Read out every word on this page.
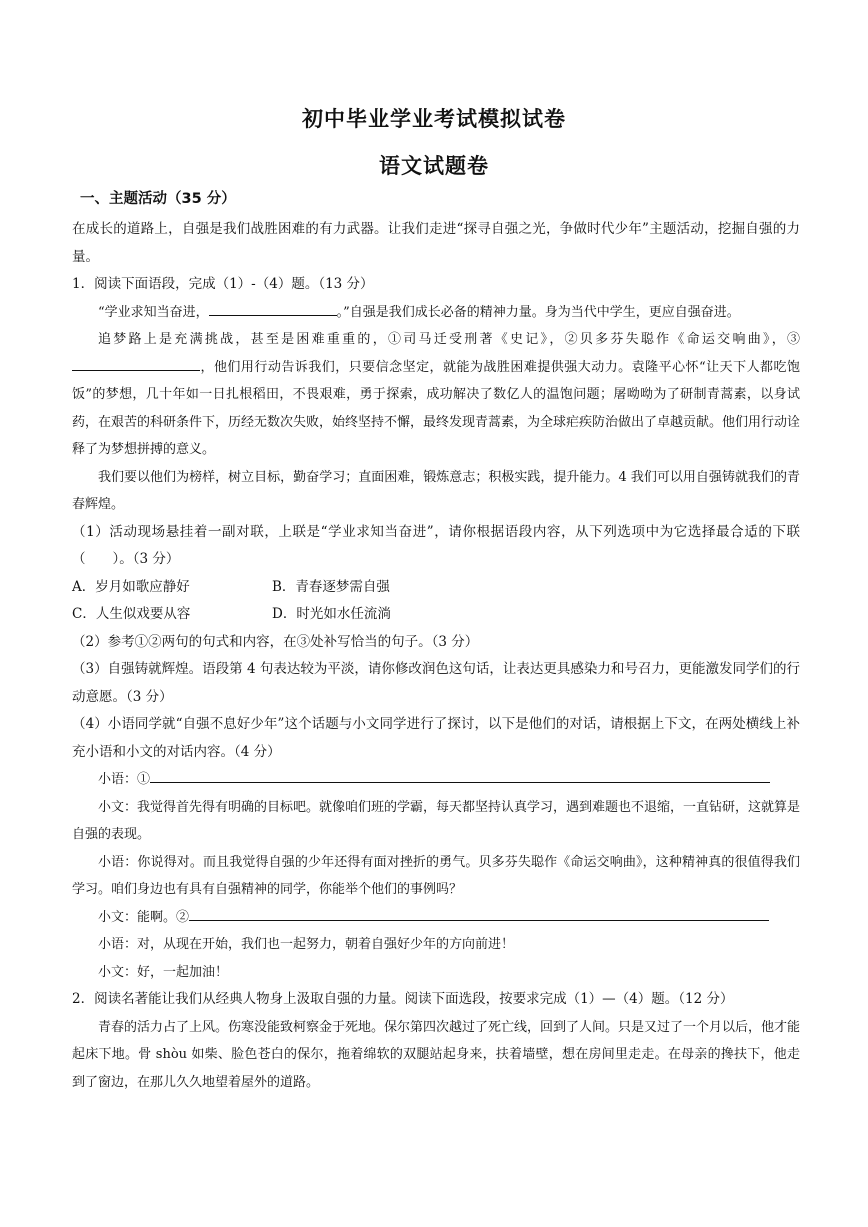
初中毕业学业考试模拟试卷
语文试题卷
一、主题活动（35 分）

在成长的道路上，自强是我们战胜困难的有力武器。让我们走进“探寻自强之光，争做时代少年”主题活动，挖掘自强的力量。

1．阅读下面语段，完成（1）-（4）题。（13 分）

“学业求知当奋进，	。”自强是我们成长必备的精神力量。身为当代中学生，更应自强奋进。

追梦路上是充满挑战，甚至是困难重重的，①司马迁受刑著《史记》，②贝多芬失聪作《命运交响曲》，③，他们用行动告诉我们，只要信念坚定，就能为战胜困难提供强大动力。袁隆平心怀“让天下人都吃饱饭”的梦想，几十年如一日扎根稻田，不畏艰难，勇于探索，成功解决了数亿人的温饱问题；屠呦呦为了研制青蒿素，以身试药，在艰苦的科研条件下，历经无数次失败，始终坚持不懈，最终发现青蒿素，为全球疟疾防治做出了卓越贡献。他们用行动诠释了为梦想拼搏的意义。

我们要以他们为榜样，树立目标，勤奋学习；直面困难，锻炼意志；积极实践，提升能力。4 我们可以用自强铸就我们的青春辉煌。

（1）活动现场悬挂着一副对联，上联是“学业求知当奋进”，请你根据语段内容，从下列选项中为它选择最合适的下联（　　）。（3 分）

A．岁月如歌应静好	B．青春逐梦需自强
C．人生似戏要从容	D．时光如水任流淌

（2）参考①②两句的句式和内容，在③处补写恰当的句子。（3 分）

（3）自强铸就辉煌。语段第 4 句表达较为平淡，请你修改润色这句话，让表达更具感染力和号召力，更能激发同学们的行动意愿。（3 分）

（4）小语同学就“自强不息好少年”这个话题与小文同学进行了探讨，以下是他们的对话，请根据上下文，在两处横线上补充小语和小文的对话内容。（4 分）

小语：①

小文：我觉得首先得有明确的目标吧。就像咱们班的学霸，每天都坚持认真学习，遇到难题也不退缩，一直钻研，这就算是自强的表现。

小语：你说得对。而且我觉得自强的少年还得有面对挫折的勇气。贝多芬失聪作《命运交响曲》，这种精神真的很值得我们学习。咱们身边也有具有自强精神的同学，你能举个他们的事例吗？

小文：能啊。②

小语：对，从现在开始，我们也一起努力，朝着自强好少年的方向前进！

小文：好，一起加油！

2．阅读名著能让我们从经典人物身上汲取自强的力量。阅读下面选段，按要求完成（1）—（4）题。（12 分）

青春的活力占了上风。伤寒没能致柯察金于死地。保尔第四次越过了死亡线，回到了人间。只是又过了一个月以后，他才能起床下地。骨 shòu 如柴、脸色苍白的保尔，拖着绵软的双腿站起身来，扶着墙壁，想在房间里走走。在母亲的搀扶下，他走到了窗边，在那儿久久地望着屋外的道路。
